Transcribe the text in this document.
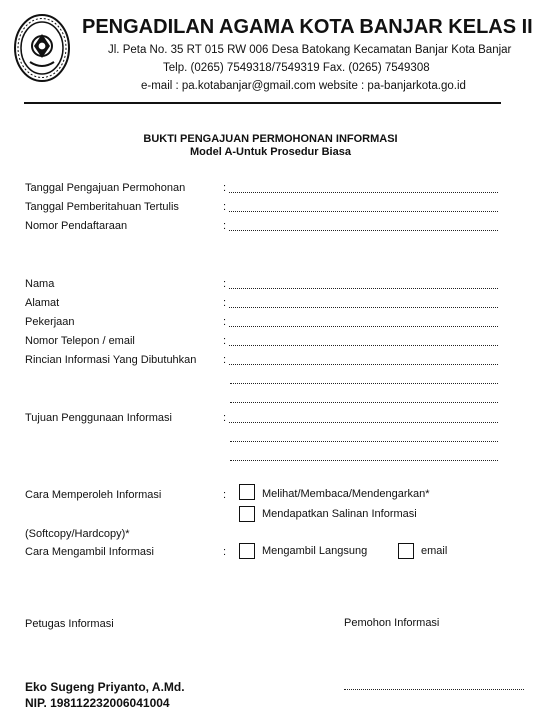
PENGADILAN AGAMA KOTA BANJAR KELAS II
Jl. Peta No. 35 RT 015 RW 006 Desa Batokang Kecamatan Banjar Kota Banjar
Telp. (0265) 7549318/7549319 Fax. (0265) 7549308
e-mail : pa.kotabanjar@gmail.com website : pa-banjarkota.go.id
BUKTI PENGAJUAN PERMOHONAN INFORMASI
Model A-Untuk Prosedur Biasa
Tanggal Pengajuan Permohonan	:
Tanggal Pemberitahuan Tertulis	:
Nomor Pendaftaraan	:
Nama	:
Alamat	:
Pekerjaan	:
Nomor Telepon / email	:
Rincian Informasi Yang Dibutuhkan :
Tujuan Penggunaan Informasi	:
Cara Memperoleh Informasi	:	Melihat/Membaca/Mendengarkan*
Mendapatkan Salinan Informasi
(Softcopy/Hardcopy)*
Cara Mengambil Informasi	:	Mengambil Langsung	email
Petugas Informasi	Pemohon Informasi
Eko Sugeng Priyanto, A.Md.
NIP. 198112232006041004
